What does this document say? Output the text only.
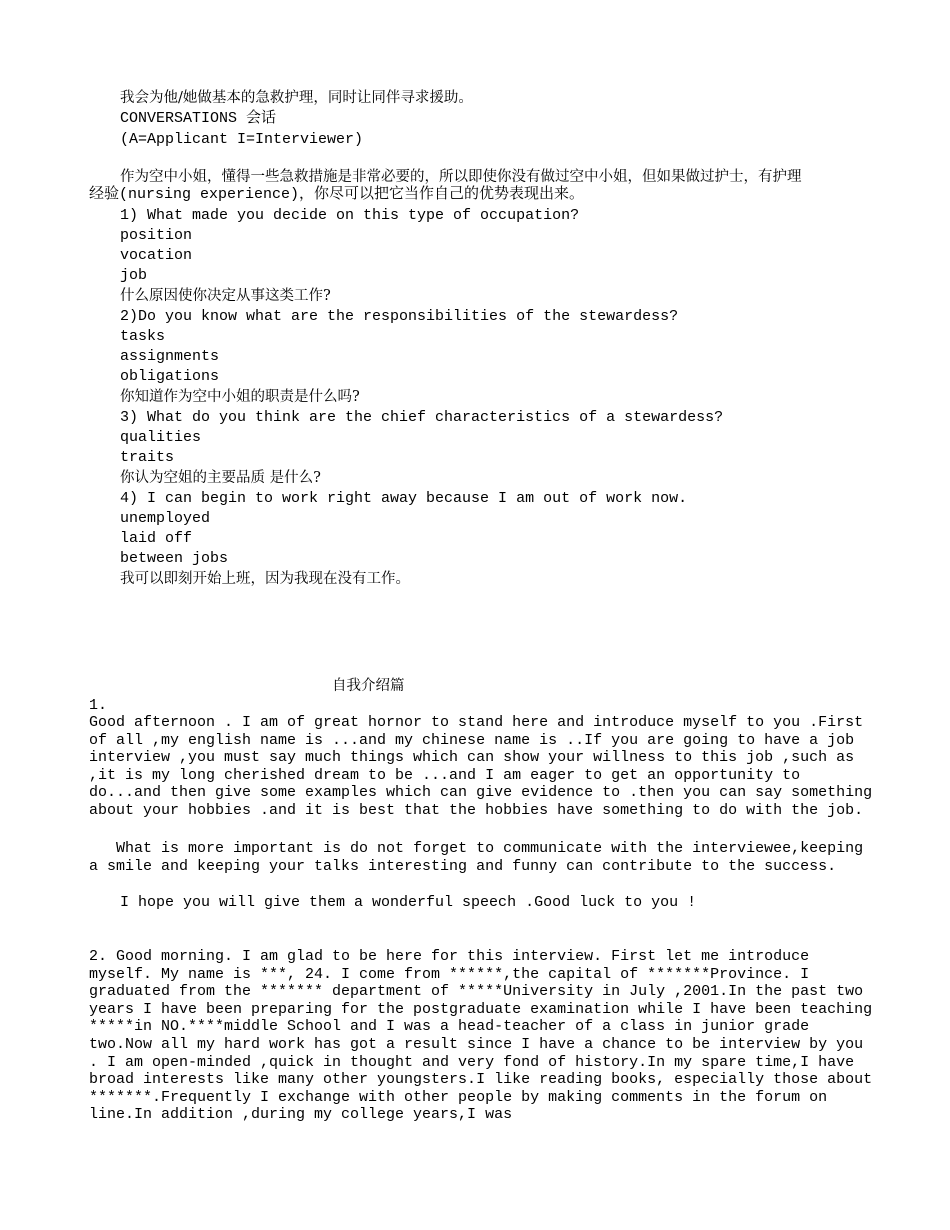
我会为他/她做基本的急救护理，同时让同伴寻求援助。
CONVERSATIONS 会话
(A=Applicant I=Interviewer)
作为空中小姐，懂得一些急救措施是非常必要的，所以即使你没有做过空中小姐，但如果做过护士，有护理
经验(nursing experience)，你尽可以把它当作自己的优势表现出来。
1) What made you decide on this type of occupation?
position
vocation
job
什么原因使你决定从事这类工作?
2)Do you know what are the responsibilities of the stewardess?
tasks
assignments
obligations
你知道作为空中小姐的职责是什么吗?
3) What do you think are the chief characteristics of a stewardess?
qualities
traits
你认为空姐的主要品质 是什么?
4) I can begin to work right away because I am out of work now.
unemployed
laid off
between jobs
我可以即刻开始上班，因为我现在没有工作。
自我介绍篇
1.

Good afternoon . I am of great hornor to stand here and introduce myself to you .First of all ,my english name is ...and my chinese name is ..If you are going to have a job interview ,you must say much things which can show your willness to this job ,such as ,it is my long cherished dream to be ...and I am eager to get an opportunity to do...and then give some examples which can give evidence to .then you can say something about your hobbies .and it is best that the hobbies have something to do with the job.

What is more important is do not forget to communicate with the interviewee,keeping a smile and keeping your talks interesting and funny can contribute to the success.

I hope you will give them a wonderful speech .Good luck to you !

2. Good morning. I am glad to be here for this interview. First let me introduce myself. My name is ***, 24. I come from ******,the capital of *******Province. I graduated from the ******* department of *****University in July ,2001.In the past two years I have been preparing for the postgraduate examination while I have been teaching *****in NO.****middle School and I was a head-teacher of a class in junior grade two.Now all my hard work has got a result since I have a chance to be interview by you . I am open-minded ,quick in thought and very fond of history.In my spare time,I have broad interests like many other youngsters.I like reading books, especially those about *******.Frequently I exchange with other people by making comments in the forum on line.In addition ,during my college years,I was
